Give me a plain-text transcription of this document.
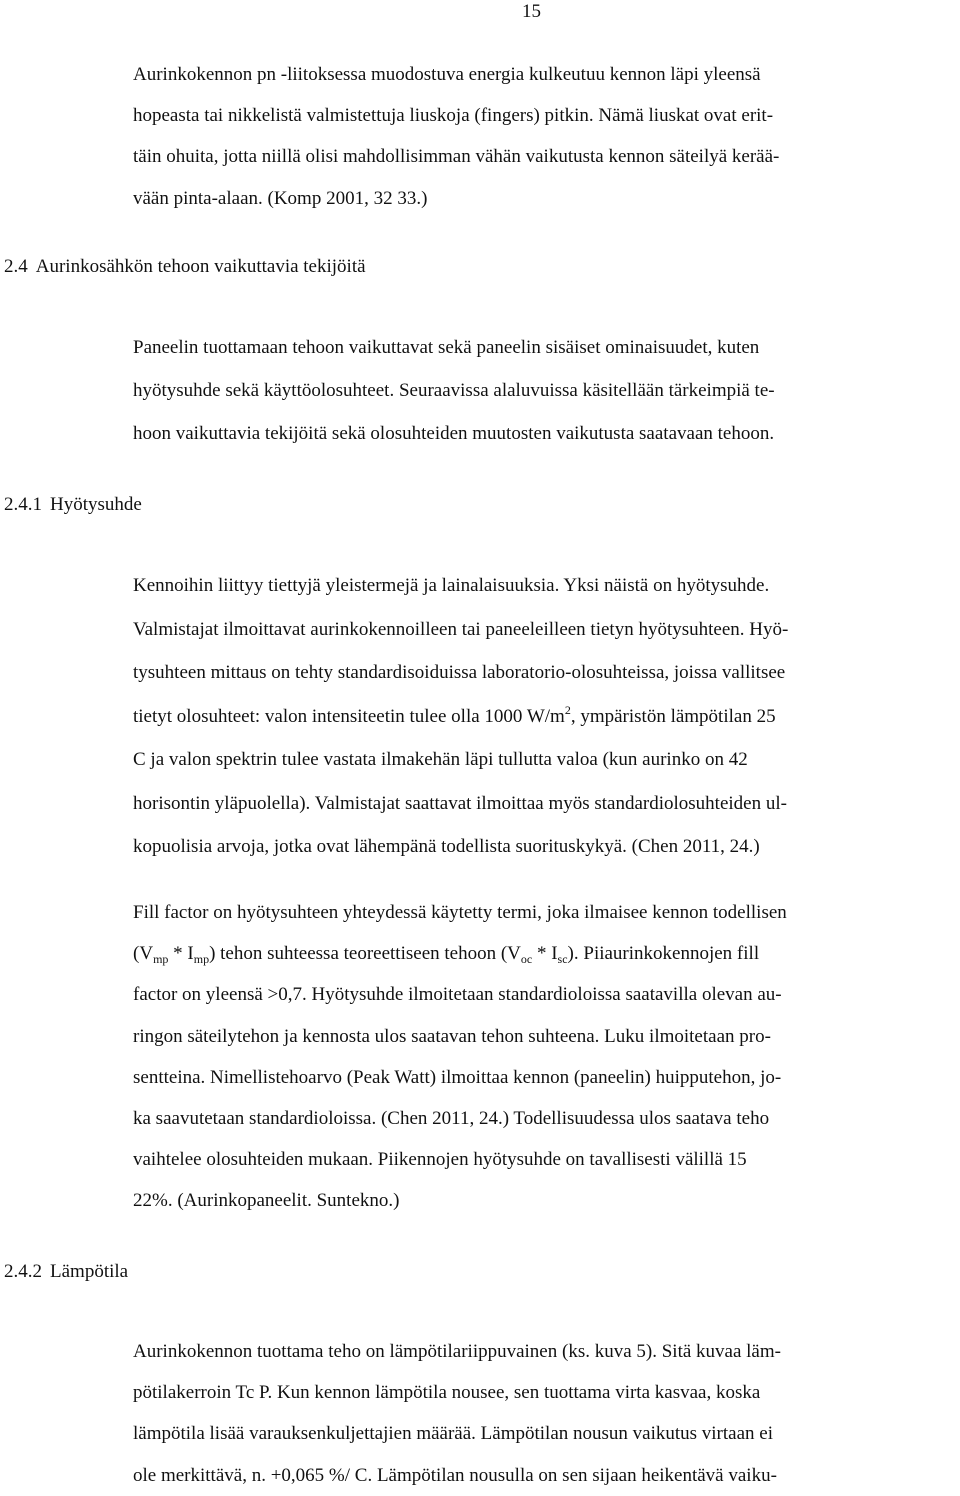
15
Aurinkokennon pn -liitoksessa muodostuva energia kulkeutuu kennon läpi yleensä
hopeasta tai nikkelistä valmistettuja liuskoja (fingers) pitkin. Nämä liuskat ovat erit-
täin ohuita, jotta niillä olisi mahdollisimman vähän vaikutusta kennon säteilyä kerää-
vään pinta-alaan. (Komp 2001, 32 33.)
2.4 Aurinkosähkön tehoon vaikuttavia tekijöitä
Paneelin tuottamaan tehoon vaikuttavat sekä paneelin sisäiset ominaisuudet, kuten
hyötysuhde sekä käyttöolosuhteet. Seuraavissa alaluvuissa käsitellään tärkeimpiä te-
hoon vaikuttavia tekijöitä sekä olosuhteiden muutosten vaikutusta saatavaan tehoon.
2.4.1 Hyötysuhde
Kennoihin liittyy tiettyjä yleistermejä ja lainalaisuuksia. Yksi näistä on hyötysuhde.
Valmistajat ilmoittavat aurinkokennoilleen tai paneeleilleen tietyn hyötysuhteen. Hyö-
tysuhteen mittaus on tehty standardisoiduissa laboratorio-olosuhteissa, joissa vallitsee
tietyt olosuhteet: valon intensiteetin tulee olla 1000 $W/m^2$, ympäristön lämpötilan 25
C ja valon spektrin tulee vastata ilmakehän läpi tullutta valoa (kun aurinko on 42
horisontin yläpuolella). Valmistajat saattavat ilmoittaa myös standardiolosuhteiden ul-
kopuolisia arvoja, jotka ovat lähempänä todellista suorituskykyä. (Chen 2011, 24.)
Fill factor on hyötysuhteen yhteydessä käytetty termi, joka ilmaisee kennon todellisen
$(V_{mp} * I_{mp})$ tehon suhteessa teoreettiseen tehoon $(V_{oc} * I_{sc})$. Piiaurinkokennojen fill
factor on yleensä >0,7. Hyötysuhde ilmoitetaan standardioloissa saatavilla olevan au-
ringon säteilytehon ja kennosta ulos saatavan tehon suhteena. Luku ilmoitetaan pro-
sentteina. Nimellistehoarvo (Peak Watt) ilmoittaa kennon (paneelin) huipputehon, jo-
ka saavutetaan standardioloissa. (Chen 2011, 24.) Todellisuudessa ulos saatava teho
vaihtelee olosuhteiden mukaan. Piikennojen hyötysuhde on tavallisesti välillä 15
22%. (Aurinkopaneelit. Suntekno.)
2.4.2 Lämpötila
Aurinkokennon tuottama teho on lämpötilariippuvainen (ks. kuva 5). Sitä kuvaa läm-
pötilakerroin Tc P. Kun kennon lämpötila nousee, sen tuottama virta kasvaa, koska
lämpötila lisää varauksenkuljettajien määrää. Lämpötilan nousun vaikutus virtaan ei
ole merkittävä, n. +0,065 %/ C. Lämpötilan nousulla on sen sijaan heikentävä vaiku-
